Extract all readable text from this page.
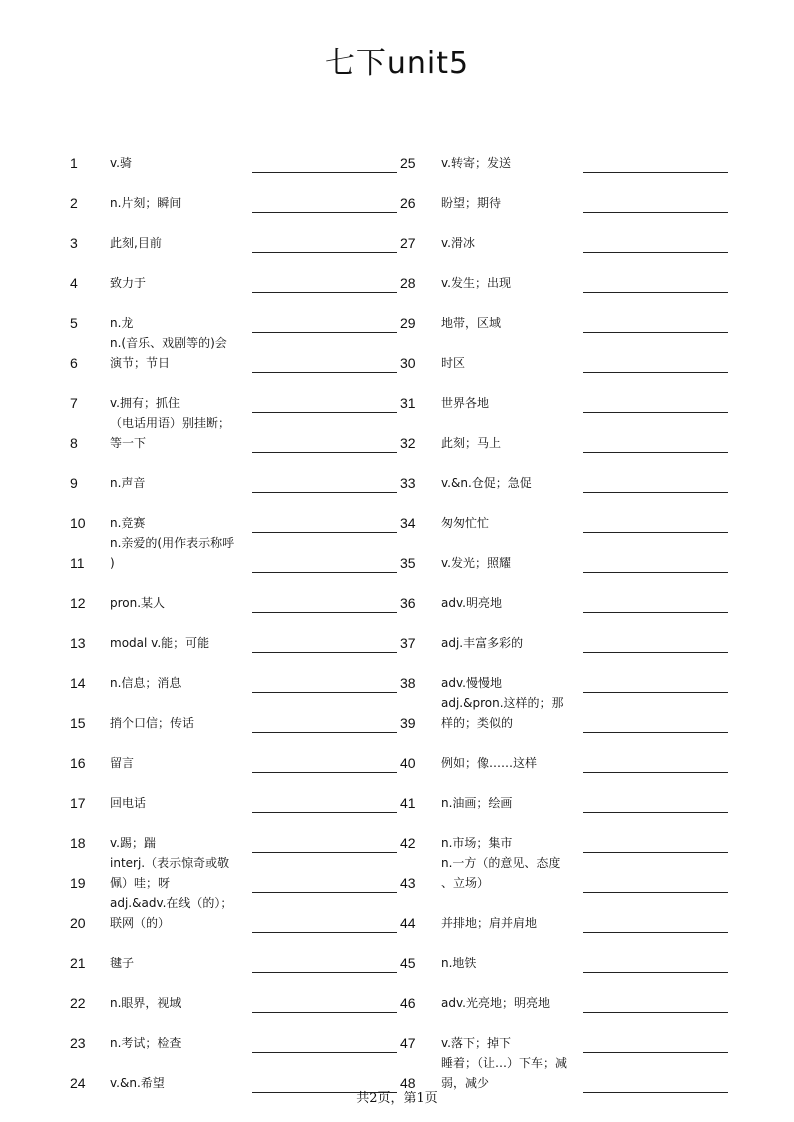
七下unit5
1	v.骑
2	n.片刻；瞬间
3	此刻,目前
4	致力于
5	n.龙
6
n.(音乐、戏剧等的)会
演节；节日
7	v.拥有；抓住
8
（电话用语）别挂断；
等一下
9	n.声音
10 n.竞赛
11
n.亲爱的(用作表示称呼
)
12 pron.某人
13 modal v.能；可能
14 n.信息；消息
15 捎个口信；传话
16 留言
17 回电话
18 v.踢；踹
19
interj.（表示惊奇或敬
佩）哇；呀
20
adj.&adv.在线（的）；
联网（的）
21 毽子
22 n.眼界，视域
23 n.考试；检查
24 v.&n.希望
25 v.转寄；发送
26 盼望；期待
27 v.滑冰
28 v.发生；出现
29 地带，区域
30 时区
31 世界各地
32 此刻；马上
33 v.&n.仓促；急促
34 匆匆忙忙
35 v.发光；照耀
36 adv.明亮地
37 adj.丰富多彩的
38 adv.慢慢地
39
adj.&pron.这样的；那
样的；类似的
40 例如；像……这样
41 n.油画；绘画
42 n.市场；集市
43
n.一方（的意见、态度
、立场）
44 并排地；肩并肩地
45 n.地铁
46 adv.光亮地；明亮地
47 v.落下；掉下
48
睡着；（让…）下车；减
弱，减少
共2页，第1页
